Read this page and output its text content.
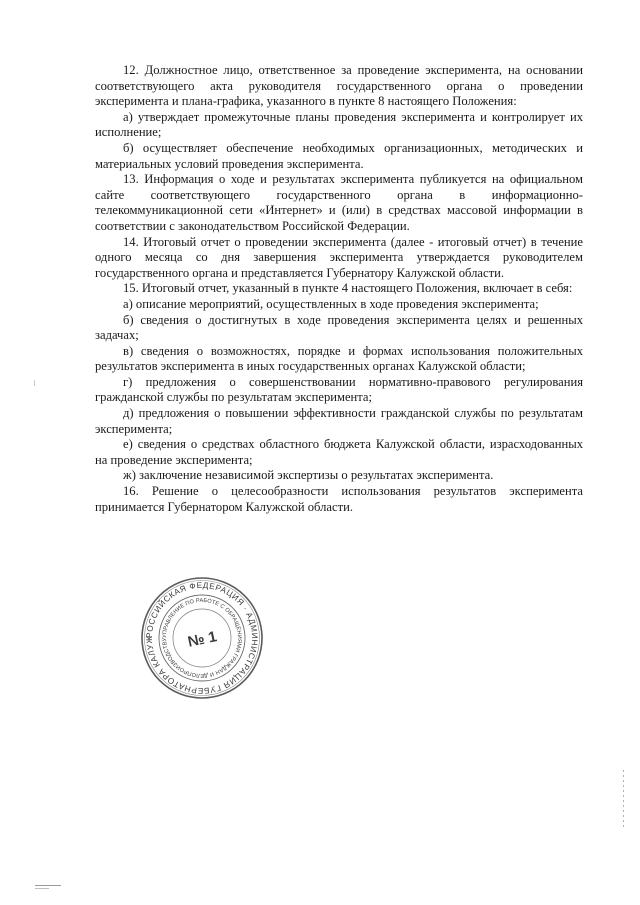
12. Должностное лицо, ответственное за проведение эксперимента, на основании соответствующего акта руководителя государственного органа о проведении эксперимента и плана-графика, указанного в пункте 8 настоящего Положения:

а) утверждает промежуточные планы проведения эксперимента и контролирует их исполнение;

б) осуществляет обеспечение необходимых организационных, методических и материальных условий проведения эксперимента.

13. Информация о ходе и результатах эксперимента публикуется на официальном сайте соответствующего государственного органа в информационно-телекоммуникационной сети «Интернет» и (или) в средствах массовой информации в соответствии с законодательством Российской Федерации.

14. Итоговый отчет о проведении эксперимента (далее - итоговый отчет) в течение одного месяца со дня завершения эксперимента утверждается руководителем государственного органа и представляется Губернатору Калужской области.

15. Итоговый отчет, указанный в пункте 4 настоящего Положения, включает в себя:

а) описание мероприятий, осуществленных в ходе проведения эксперимента;

б) сведения о достигнутых в ходе проведения эксперимента целях и решенных задачах;

в) сведения о возможностях, порядке и формах использования положительных результатов эксперимента в иных государственных органах Калужской области;

г) предложения о совершенствовании нормативно-правового регулирования гражданской службы по результатам эксперимента;

д) предложения о повышении эффективности гражданской службы по результатам эксперимента;

е) сведения о средствах областного бюджета Калужской области, израсходованных на проведение эксперимента;

ж) заключение независимой экспертизы о результатах эксперимента.

16. Решение о целесообразности использования результатов эксперимента принимается Губернатором Калужской области.

РОССИЙСКАЯ ФЕДЕРАЦИЯ · АДМИНИСТРАЦИЯ ГУБЕРНАТОРА КАЛУЖ	УПРАВЛЕНИЕ ПО РАБОТЕ С ОБРАЩЕНИЯМИ ГРАЖДАН И ДЕЛОПРОИЗВОДСТВУ	№ 1
